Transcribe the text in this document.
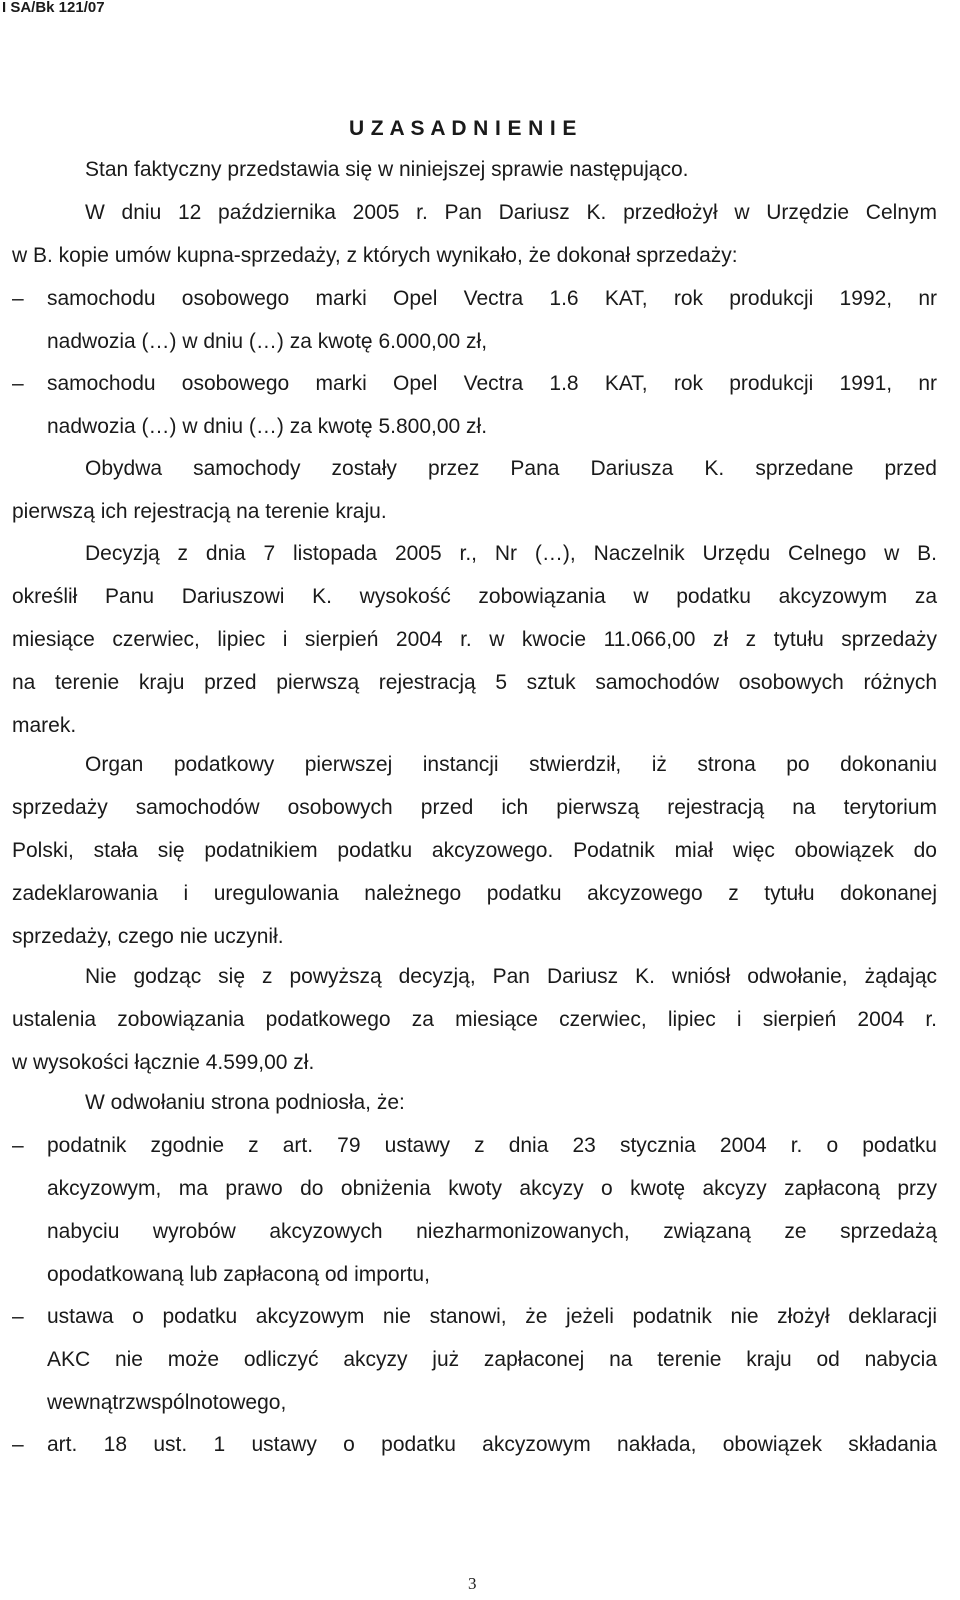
I SA/Bk 121/07
U Z A S A D N I E N I E
Stan faktyczny przedstawia się w niniejszej sprawie następująco.
W dniu 12 października 2005 r. Pan Dariusz K. przedłożył w Urzędzie Celnym
w B. kopie umów kupna-sprzedaży, z których wynikało, że dokonał sprzedaży:
–	samochodu osobowego marki Opel Vectra 1.6 KAT, rok produkcji 1992, nr
nadwozia (…) w dniu (…) za kwotę 6.000,00 zł,
–	samochodu osobowego marki Opel Vectra 1.8 KAT, rok produkcji 1991, nr
nadwozia (…) w dniu (…) za kwotę 5.800,00 zł.
Obydwa samochody zostały przez Pana Dariusza K. sprzedane przed
pierwszą ich rejestracją na terenie kraju.
Decyzją z dnia 7 listopada 2005 r., Nr (…), Naczelnik Urzędu Celnego w B.
określił Panu Dariuszowi K. wysokość zobowiązania w podatku akcyzowym za
miesiące czerwiec, lipiec i sierpień 2004 r. w kwocie 11.066,00 zł z tytułu sprzedaży
na terenie kraju przed pierwszą rejestracją 5 sztuk samochodów osobowych różnych
marek.
Organ podatkowy pierwszej instancji stwierdził, iż strona po dokonaniu
sprzedaży samochodów osobowych przed ich pierwszą rejestracją na terytorium
Polski, stała się podatnikiem podatku akcyzowego. Podatnik miał więc obowiązek do
zadeklarowania i uregulowania należnego podatku akcyzowego z tytułu dokonanej
sprzedaży, czego nie uczynił.
Nie godząc się z powyższą decyzją, Pan Dariusz K. wniósł odwołanie, żądając
ustalenia zobowiązania podatkowego za miesiące czerwiec, lipiec i sierpień 2004 r.
w wysokości łącznie 4.599,00 zł.
W odwołaniu strona podniosła, że:
–	podatnik zgodnie z art. 79 ustawy z dnia 23 stycznia 2004 r. o podatku
akcyzowym, ma prawo do obniżenia kwoty akcyzy o kwotę akcyzy zapłaconą przy
nabyciu wyrobów akcyzowych niezharmonizowanych, związaną ze sprzedażą
opodatkowaną lub zapłaconą od importu,
–	ustawa o podatku akcyzowym nie stanowi, że jeżeli podatnik nie złożył deklaracji
AKC nie może odliczyć akcyzy już zapłaconej na terenie kraju od nabycia
wewnątrzwspólnotowego,
–	art. 18 ust. 1 ustawy o podatku akcyzowym nakłada, obowiązek składania
3
